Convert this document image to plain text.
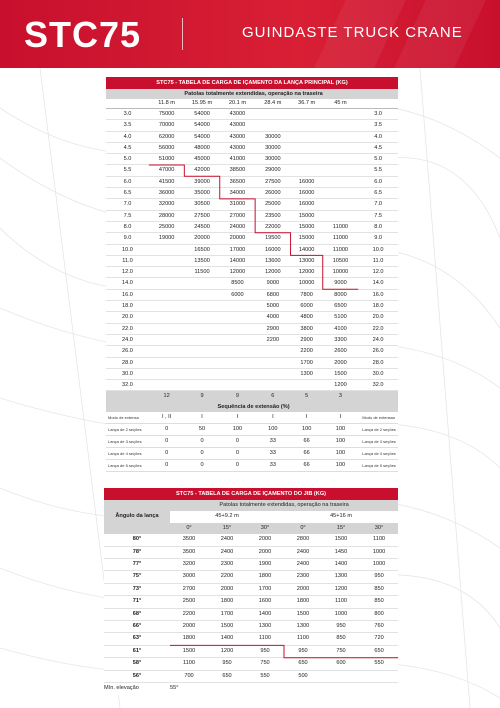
STC75	GUINDASTE TRUCK CRANE
STC75 - TABELA DE CARGA DE IÇAMENTO DA LANÇA PRINCIPAL (KG)
	Patolas totalmente extendidas, operação na traseira						
	11.8 m	15.95 m	20.1 m	28.4 m	36.7 m	45 m	
3.0	75000	54000	43000				3.0
3.5	70000	54000	43000				3.5
4.0	62000	54000	43000	30000			4.0
4.5	56000	48000	43000	30000			4.5
5.0	51000	45000	41000	30000			5.0
5.5	47000	42000	38500	29000			5.5
6.0	41500	39000	36500	27500	16000		6.0
6.5	36000	35000	34000	26000	16000		6.5
7.0	32000	30500	31000	25000	16000		7.0
7.5	28000	27500	27000	23500	15000		7.5
8.0	25000	24500	24000	22000	15000	11000	8.0
9.0	19000	20000	20000	19500	15000	11000	9.0
10.0		16500	17000	16000	14000	11000	10.0
11.0		13500	14000	13600	13000	10500	11.0
12.0		11500	12000	12000	12000	10000	12.0
14.0			8500	9000	10000	9000	14.0
16.0			6000	6800	7800	8000	16.0
18.0				5000	6000	6500	18.0
20.0				4000	4800	5100	20.0
22.0				2900	3800	4100	22.0
24.0				2200	2900	3300	24.0
26.0					2200	2600	26.0
28.0					1700	2000	28.0
30.0					1300	1500	30.0
32.0						1200	32.0
	12	9	9	6	5	3	
	Sequência de extensão (%)						
Modo de extensa	I , II	I	I	I	I	I	Modo de extensao
Lança de 2 seções	0	50	100	100	100	100	Lança de 2 seções
Lança de 3 seções	0	0	0	33	66	100	Lança de 3 seções
Lança de 4 seções	0	0	0	33	66	100	Lança de 4 seções
Lança de 5 seções	0	0	0	33	66	100	Lança de 5 seções
STC75 - TABELA DE CARGA DE IÇAMENTO DO JIB (KG)
Ângulo da lança	Patolas totalmente extendidas, operação na traseira					
	45+9.2 m			45+16 m		
	0°	15°	30°	0°	15°	30°
80°	3500	2400	2000	2800	1500	1100
78°	3500	2400	2000	2400	1450	1000
77°	3200	2300	1900	2400	1400	1000
75°	3000	2200	1800	2300	1300	950
73°	2700	2000	1700	2000	1200	850
71°	2500	1800	1600	1800	1100	850
68°	2200	1700	1400	1500	1000	800
66°	2000	1500	1300	1300	950	760
63°	1800	1400	1100	1100	850	720
61°	1500	1200	950	950	750	650
58°	1100	950	750	650	600	550
56°	700	650	550	500		
Mín. elevação	55°					
